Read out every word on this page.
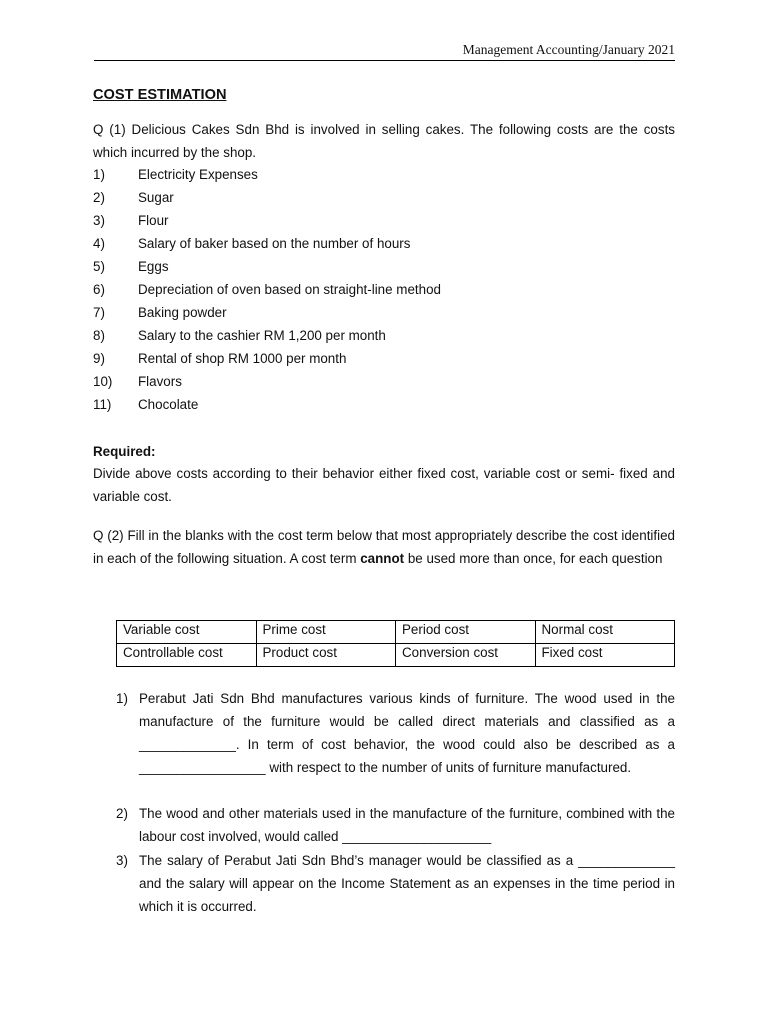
Management Accounting/January 2021
COST ESTIMATION
Q (1) Delicious Cakes Sdn Bhd is involved in selling cakes. The following costs are the costs which incurred by the shop.
1)	Electricity Expenses
2)	Sugar
3)	Flour
4)	Salary of baker based on the number of hours
5)	Eggs
6)	Depreciation of oven based on straight-line method
7)	Baking powder
8)	Salary to the cashier RM 1,200 per month
9)	Rental of shop RM 1000 per month
10)	Flavors
11)	Chocolate
Required:
Divide above costs according to their behavior either fixed cost, variable cost or semi- fixed and variable cost.
Q (2) Fill in the blanks with the cost term below that most appropriately describe the cost identified in each of the following situation. A cost term cannot be used more than once, for each question
Variable cost	Prime cost	Period cost	Normal cost
Controllable cost	Product cost	Conversion cost	Fixed cost
1) Perabut Jati Sdn Bhd manufactures various kinds of furniture. The wood used in the manufacture of the furniture would be called direct materials and classified as a _____________. In term of cost behavior, the wood could also be described as a _________________ with respect to the number of units of furniture manufactured.
2) The wood and other materials used in the manufacture of the furniture, combined with the labour cost involved, would called ____________________
3) The salary of Perabut Jati Sdn Bhd’s manager would be classified as a _____________ and the salary will appear on the Income Statement as an expenses in the time period in which it is occurred.
